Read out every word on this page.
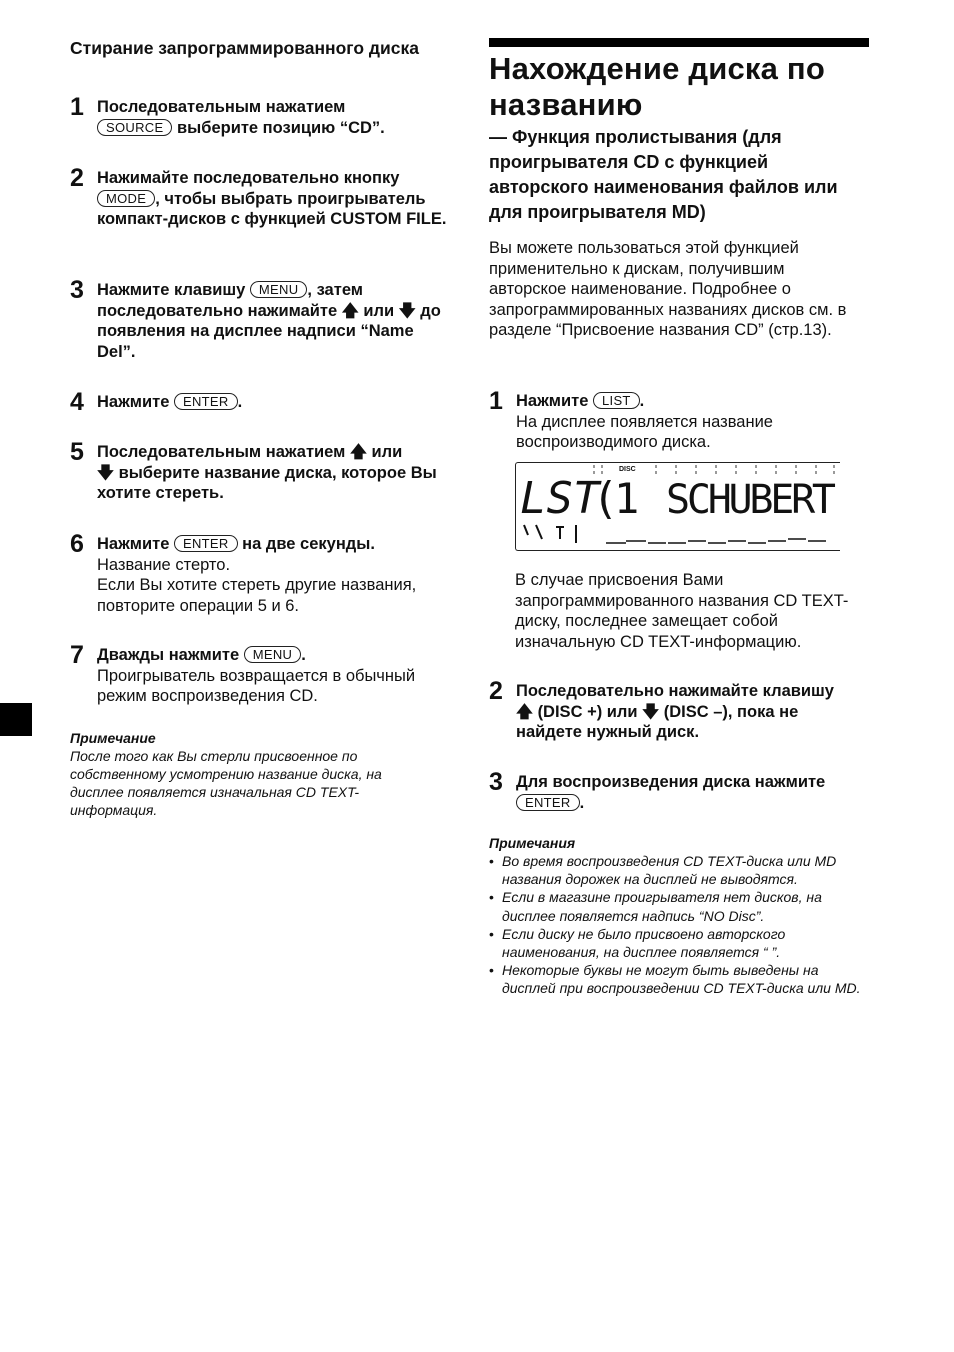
Стирание запрограммированного диска
1 Последовательным нажатием
SOURCE выберите позицию “CD”.
2 Нажимайте последовательно кнопку
MODE , чтобы выбрать проигрыватель компакт-дисков с функцией CUSTOM FILE.
3 Нажмите клавишу MENU , затем последовательно нажимайте 🡅 или 🡇 до появления на дисплее надписи “Name Del”.
4 Нажмите ENTER .
5 Последовательным нажатием 🡅 или
🡇 выберите название диска, которое Вы хотите стереть.
6 Нажмите ENTER на две секунды.
Название стерто.
Если Вы хотите стереть другие названия, повторите операции 5 и 6.
7 Дважды нажмите MENU .
Проигрыватель возвращается в обычный режим воспроизведения CD.
Примечание
После того как Вы стерли присвоенное по собственному усмотрению название диска, на дисплее появляется изначальная CD TEXT-информация.
Нахождение диска по названию
— Функция пролистывания (для проигрывателя CD с функцией авторского наименования файлов или для проигрывателя MD)
Вы можете пользоваться этой функцией применительно к дискам, получившим авторское наименование. Подробнее о запрограммированных названиях дисков см. в разделе “Присвоение названия CD” (стр.13).
1 Нажмите LIST .
На дисплее появляется название воспроизводимого диска.
В случае присвоения Вами запрограммированного названия CD TEXT-диску, последнее замещает собой изначальную CD TEXT-информацию.
2 Последовательно нажимайте клавишу
🡅 (DISC +) или 🡇 (DISC –), пока не найдете нужный диск.
3 Для воспроизведения диска нажмите
ENTER .
Примечания
• Во время воспроизведения CD TEXT-диска или MD названия дорожек на дисплей не выводятся.
• Если в магазине проигрывателя нет дисков, на дисплее появляется надпись “NO Disc”.
• Если диску не было присвоено авторского наименования, на дисплее появляется “ ”.
• Некоторые буквы не могут быть выведены на дисплей при воспроизведении CD TEXT-диска или MD.
LST
DISC
1 SCHUBERT
(
